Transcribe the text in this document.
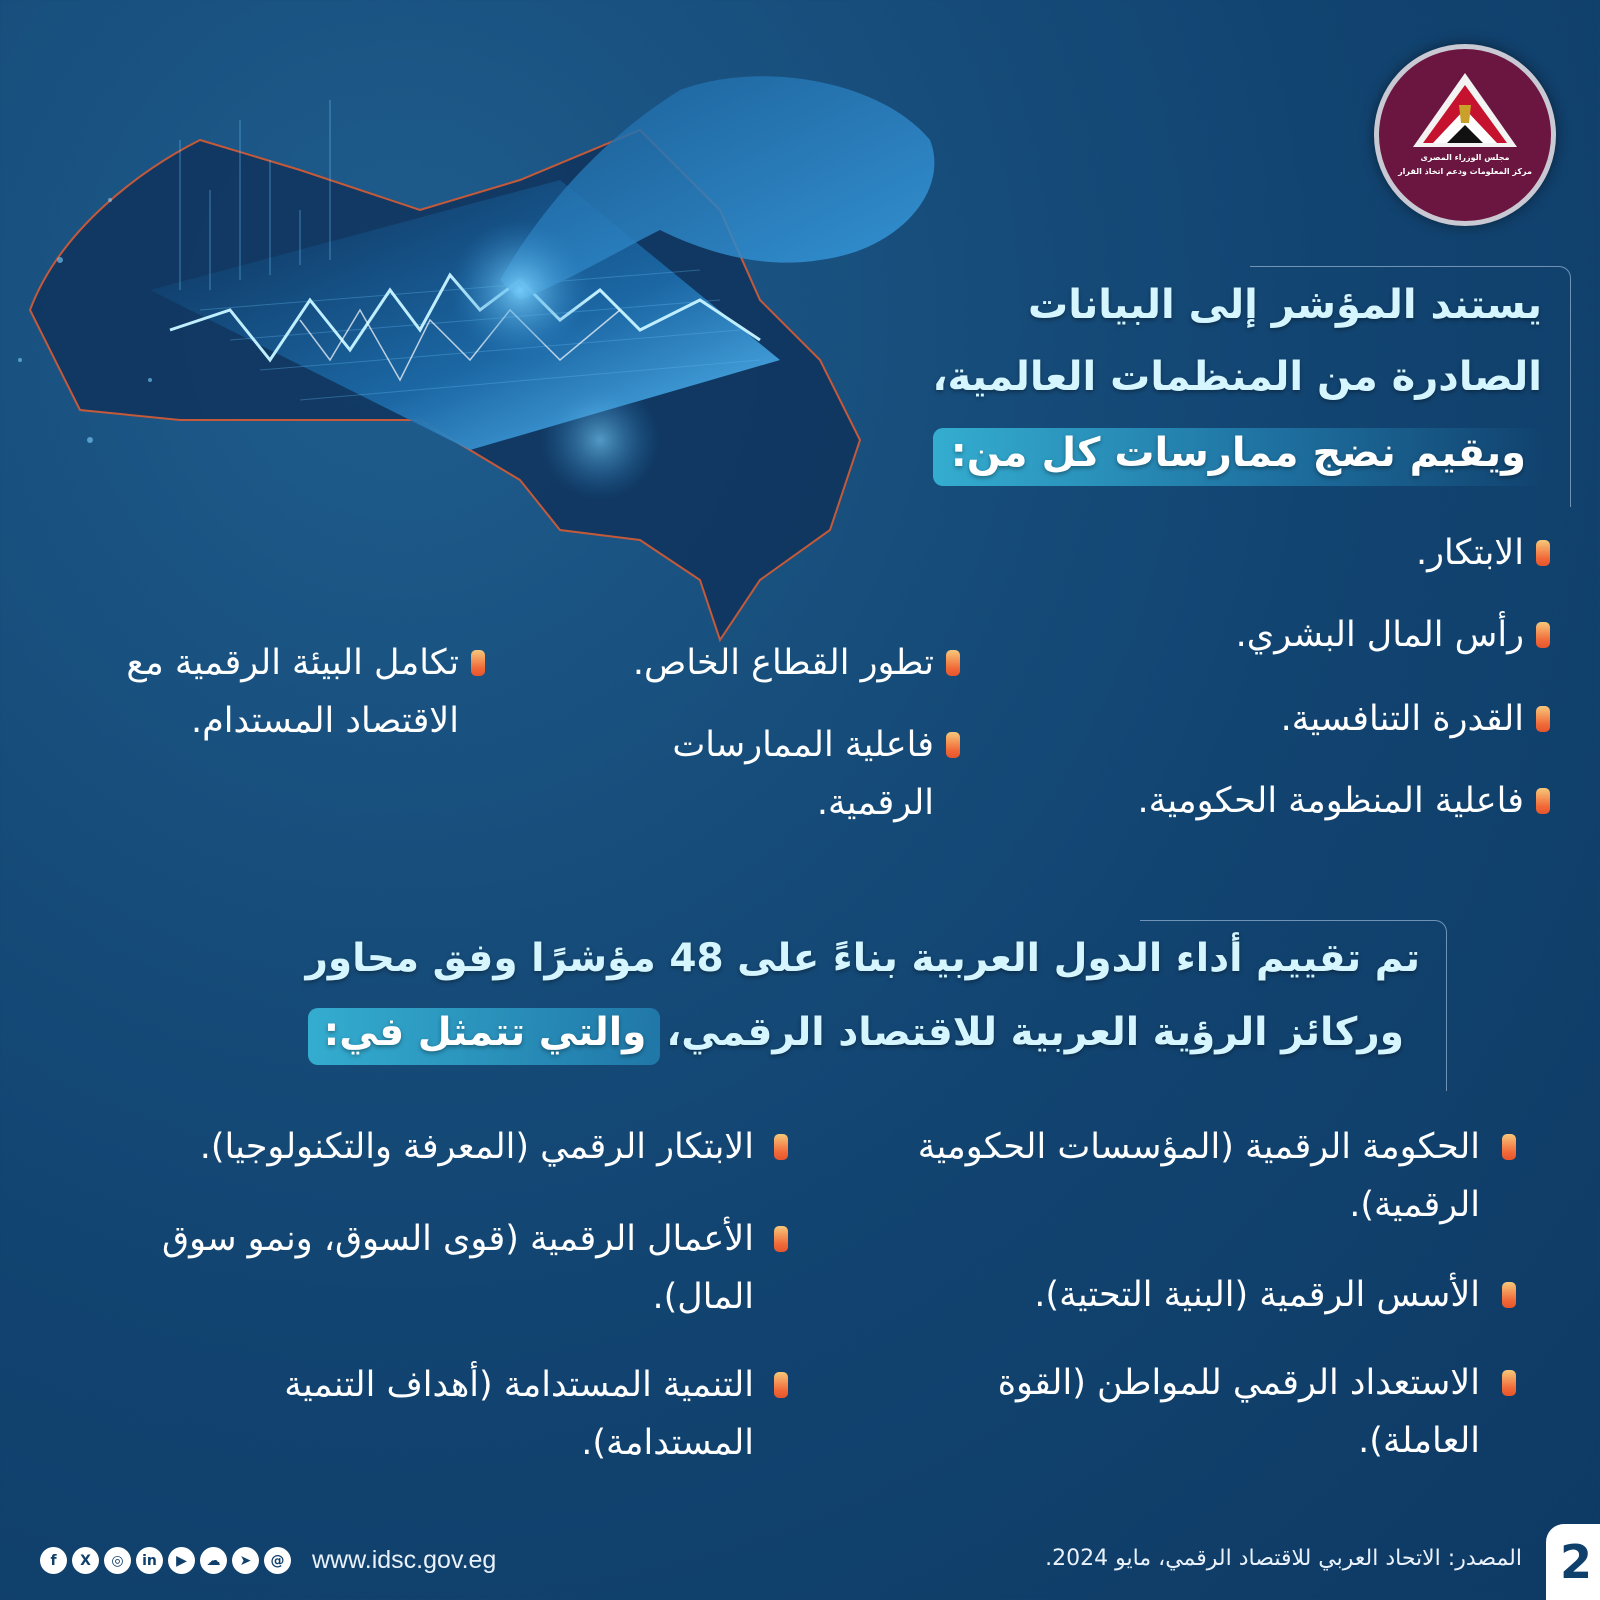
مجلس الوزراء المصرى
مركز المعلومات ودعم اتخاذ القرار
يستند المؤشر إلى البيانات
الصادرة من المنظمات العالمية،
ويقيم نضج ممارسات كل من:
الابتكار.
رأس المال البشري.
القدرة التنافسية.
فاعلية المنظومة الحكومية.
تطور القطاع الخاص.
فاعلية الممارسات الرقمية.
تكامل البيئة الرقمية مع الاقتصاد المستدام.
تم تقييم أداء الدول العربية بناءً على 48 مؤشرًا وفق محاور
وركائز الرؤية العربية للاقتصاد الرقمي،والتي تتمثل في:
الحكومة الرقمية (المؤسسات الحكومية الرقمية).
الأسس الرقمية (البنية التحتية).
الاستعداد الرقمي للمواطن (القوة العاملة).
الابتكار الرقمي (المعرفة والتكنولوجيا).
الأعمال الرقمية (قوى السوق، ونمو سوق المال).
التنمية المستدامة (أهداف التنمية المستدامة).
2
المصدر: الاتحاد العربي للاقتصاد الرقمي، مايو 2024.
www.idsc.gov.eg
f	X	◎	in	▶	☁	➤	@
